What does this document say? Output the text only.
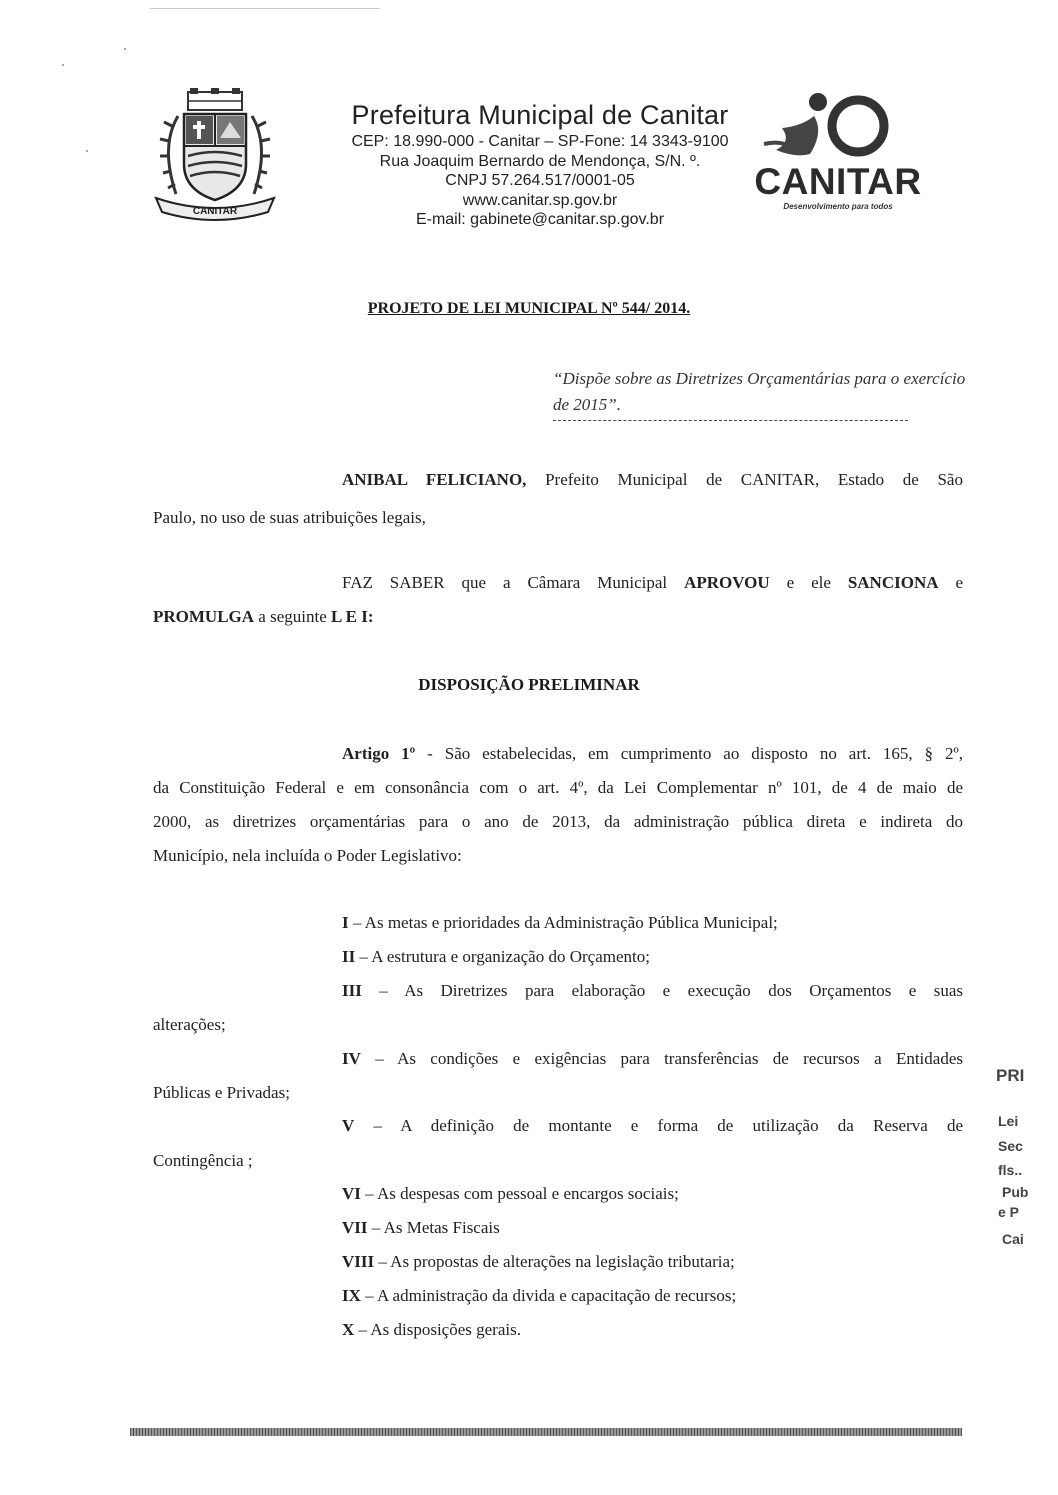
CANITAR
Prefeitura Municipal de Canitar
CEP: 18.990-000 - Canitar – SP-Fone: 14 3343-9100
Rua Joaquim Bernardo de Mendonça, S/N. º.
CNPJ 57.264.517/0001-05
www.canitar.sp.gov.br
E-mail: gabinete@canitar.sp.gov.br
CANITAR
Desenvolvimento para todos
PROJETO DE LEI MUNICIPAL Nº 544/ 2014.
“Dispõe sobre as Diretrizes Orçamentárias para o exercício de 2015”.
ANIBAL FELICIANO, Prefeito Municipal de CANITAR, Estado de São
Paulo, no uso de suas atribuições legais,
FAZ SABER que a Câmara Municipal APROVOU e ele SANCIONA e
PROMULGA a seguinte L E I:
DISPOSIÇÃO PRELIMINAR
Artigo 1º - São estabelecidas, em cumprimento ao disposto no art. 165, § 2º,
da Constituição Federal e em consonância com o art. 4º, da Lei Complementar nº 101, de 4 de maio de
2000, as diretrizes orçamentárias para o ano de 2013, da administração pública direta e indireta do
Município, nela incluída o Poder Legislativo:
I – As metas e prioridades da Administração Pública Municipal;
II – A estrutura e organização do Orçamento;
III – As Diretrizes para elaboração e execução dos Orçamentos e suas
alterações;
IV – As condições e exigências para transferências de recursos a Entidades
Públicas e Privadas;
V – A definição de montante e forma de utilização da Reserva de
Contingência ;
VI – As despesas com pessoal e encargos sociais;
VII – As Metas Fiscais
VIII – As propostas de alterações na legislação tributaria;
IX – A administração da divida e capacitação de recursos;
X – As disposições gerais.
PRI
Lei
Sec
fls..
Pub
e P
Cai
